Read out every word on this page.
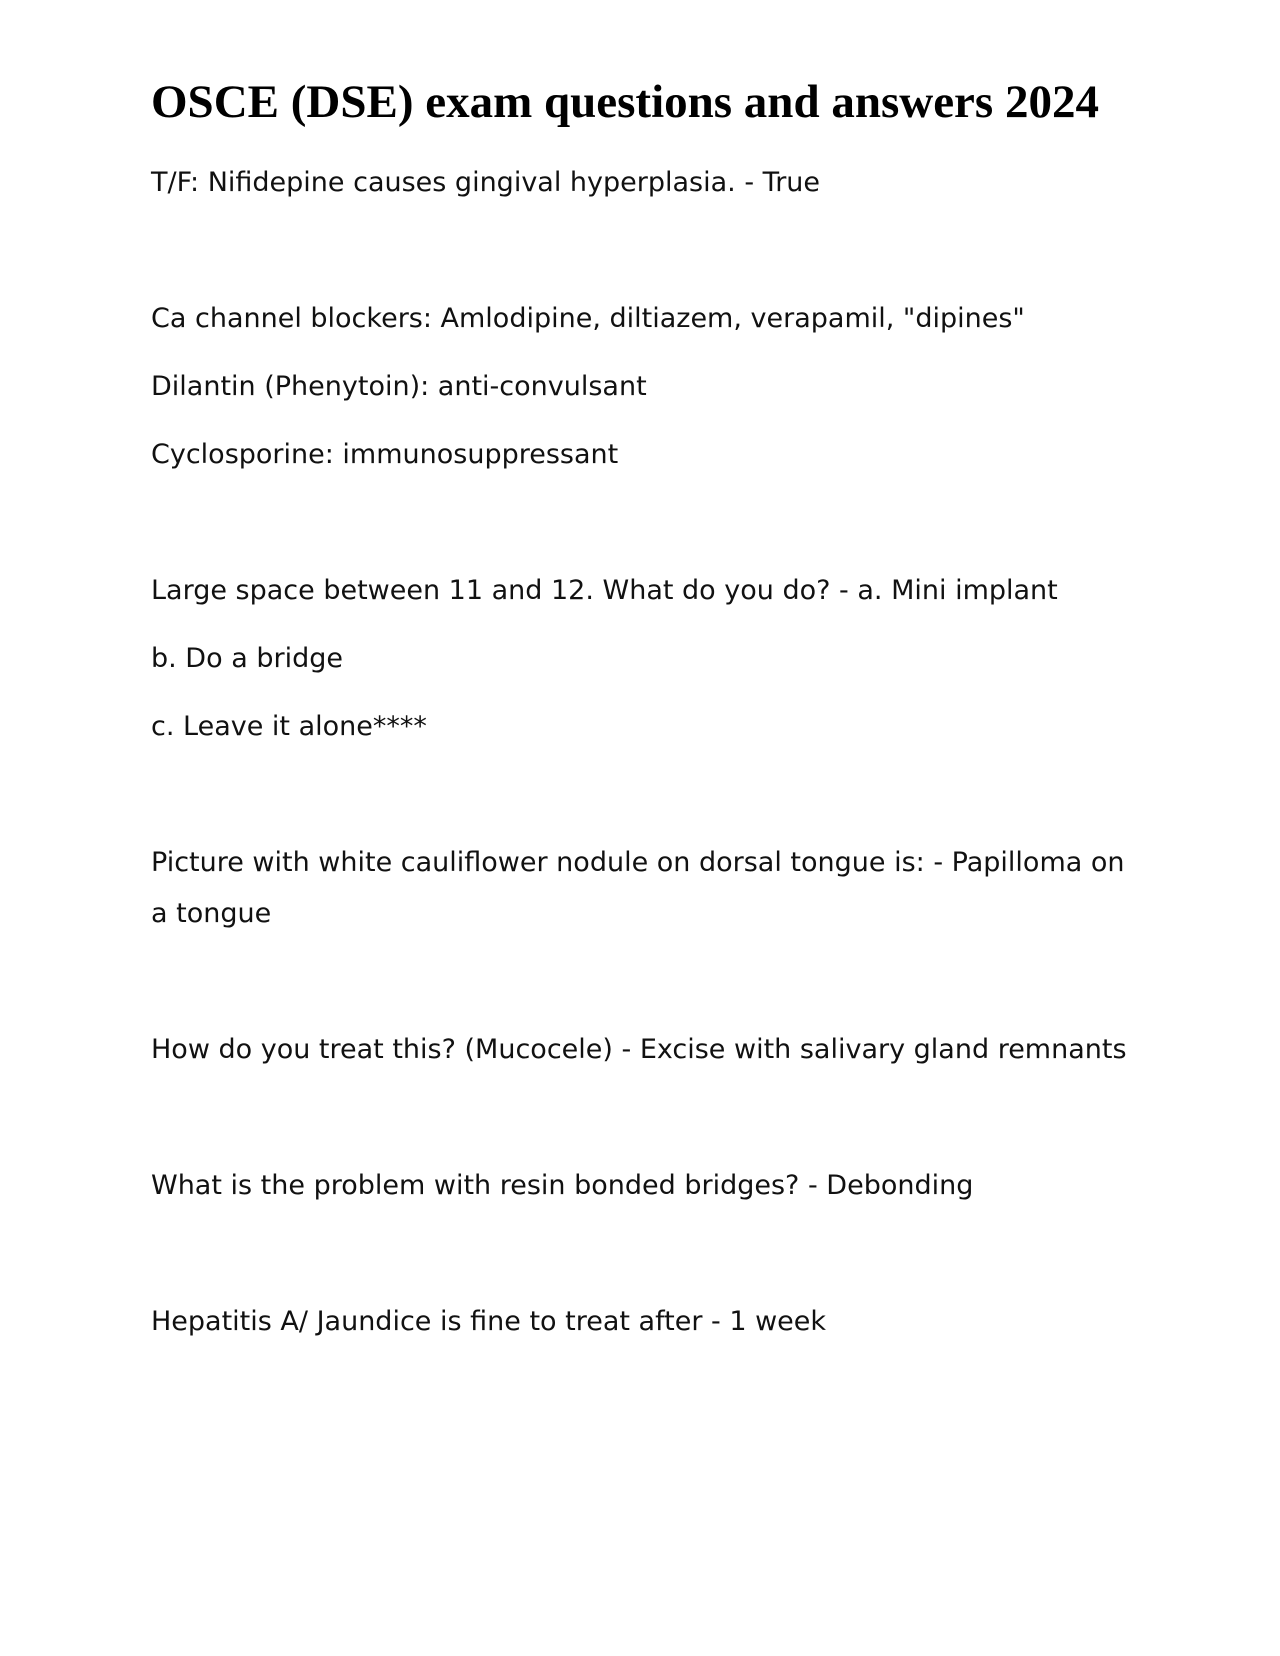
OSCE (DSE) exam questions and answers 2024

T/F: Nifidepine causes gingival hyperplasia. - True

Ca channel blockers: Amlodipine, diltiazem, verapamil, "dipines"

Dilantin (Phenytoin): anti-convulsant

Cyclosporine: immunosuppressant

Large space between 11 and 12. What do you do? - a. Mini implant

b. Do a bridge

c. Leave it alone****

Picture with white cauliflower nodule on dorsal tongue is: - Papilloma on a tongue

How do you treat this? (Mucocele) - Excise with salivary gland remnants

What is the problem with resin bonded bridges? - Debonding

Hepatitis A/ Jaundice is fine to treat after - 1 week
